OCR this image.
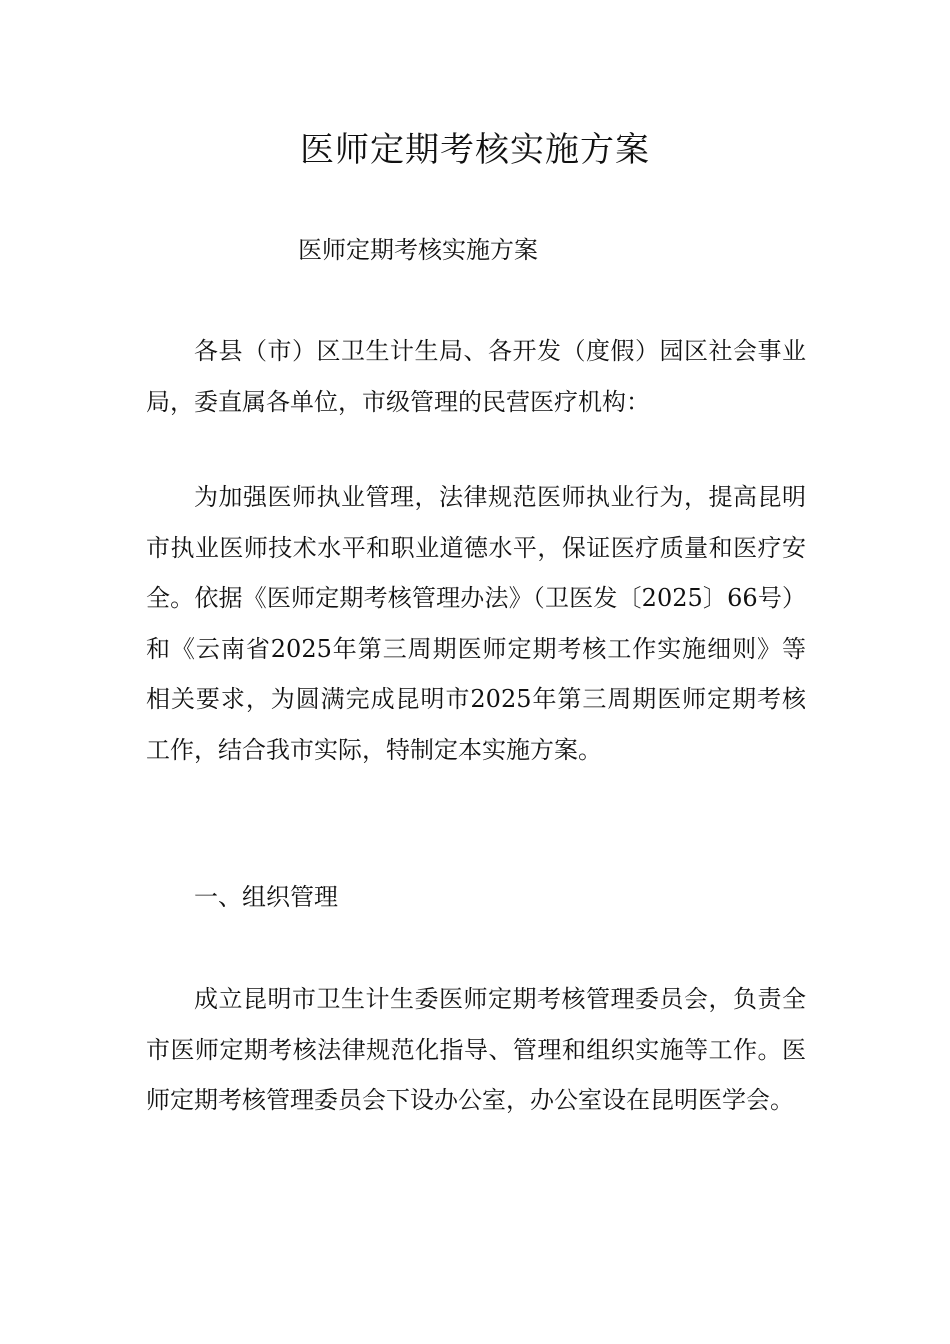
医师定期考核实施方案
医师定期考核实施方案

各县（市）区卫生计生局、各开发（度假）园区社会事业局，委直属各单位，市级管理的民营医疗机构：

为加强医师执业管理，法律规范医师执业行为，提高昆明市执业医师技术水平和职业道德水平，保证医疗质量和医疗安全。依据《医师定期考核管理办法》（卫医发〔2025〕66号）和《云南省2025年第三周期医师定期考核工作实施细则》等相关要求，为圆满完成昆明市2025年第三周期医师定期考核工作，结合我市实际，特制定本实施方案。

一、组织管理

成立昆明市卫生计生委医师定期考核管理委员会，负责全市医师定期考核法律规范化指导、管理和组织实施等工作。医师定期考核管理委员会下设办公室，办公室设在昆明医学会。
